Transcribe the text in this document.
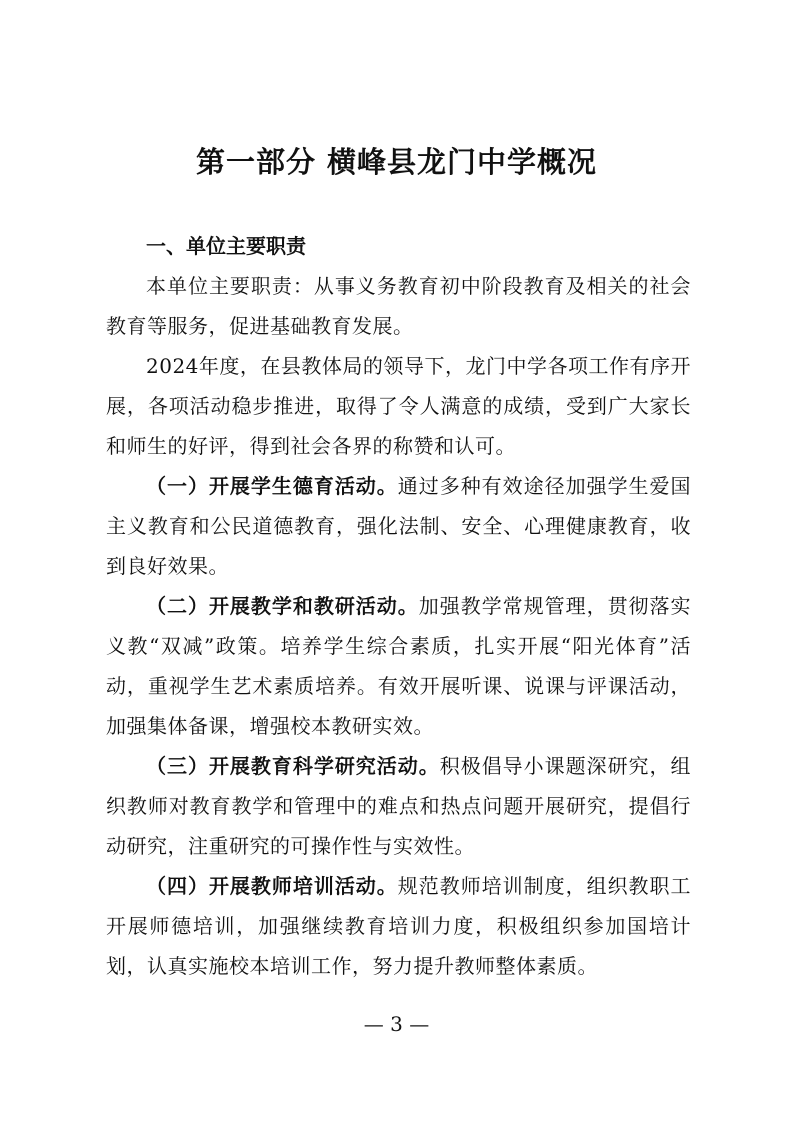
第一部分 横峰县龙门中学概况

一、单位主要职责

本单位主要职责：从事义务教育初中阶段教育及相关的社会教育等服务，促进基础教育发展。

2024年度，在县教体局的领导下，龙门中学各项工作有序开展，各项活动稳步推进，取得了令人满意的成绩，受到广大家长和师生的好评，得到社会各界的称赞和认可。

（一）开展学生德育活动。通过多种有效途径加强学生爱国主义教育和公民道德教育，强化法制、安全、心理健康教育，收到良好效果。

（二）开展教学和教研活动。加强教学常规管理，贯彻落实义教“双减”政策。培养学生综合素质，扎实开展“阳光体育”活动，重视学生艺术素质培养。有效开展听课、说课与评课活动，加强集体备课，增强校本教研实效。

（三）开展教育科学研究活动。积极倡导小课题深研究，组织教师对教育教学和管理中的难点和热点问题开展研究，提倡行动研究，注重研究的可操作性与实效性。

（四）开展教师培训活动。规范教师培训制度，组织教职工开展师德培训，加强继续教育培训力度，积极组织参加国培计划，认真实施校本培训工作，努力提升教师整体素质。

— 3 —
